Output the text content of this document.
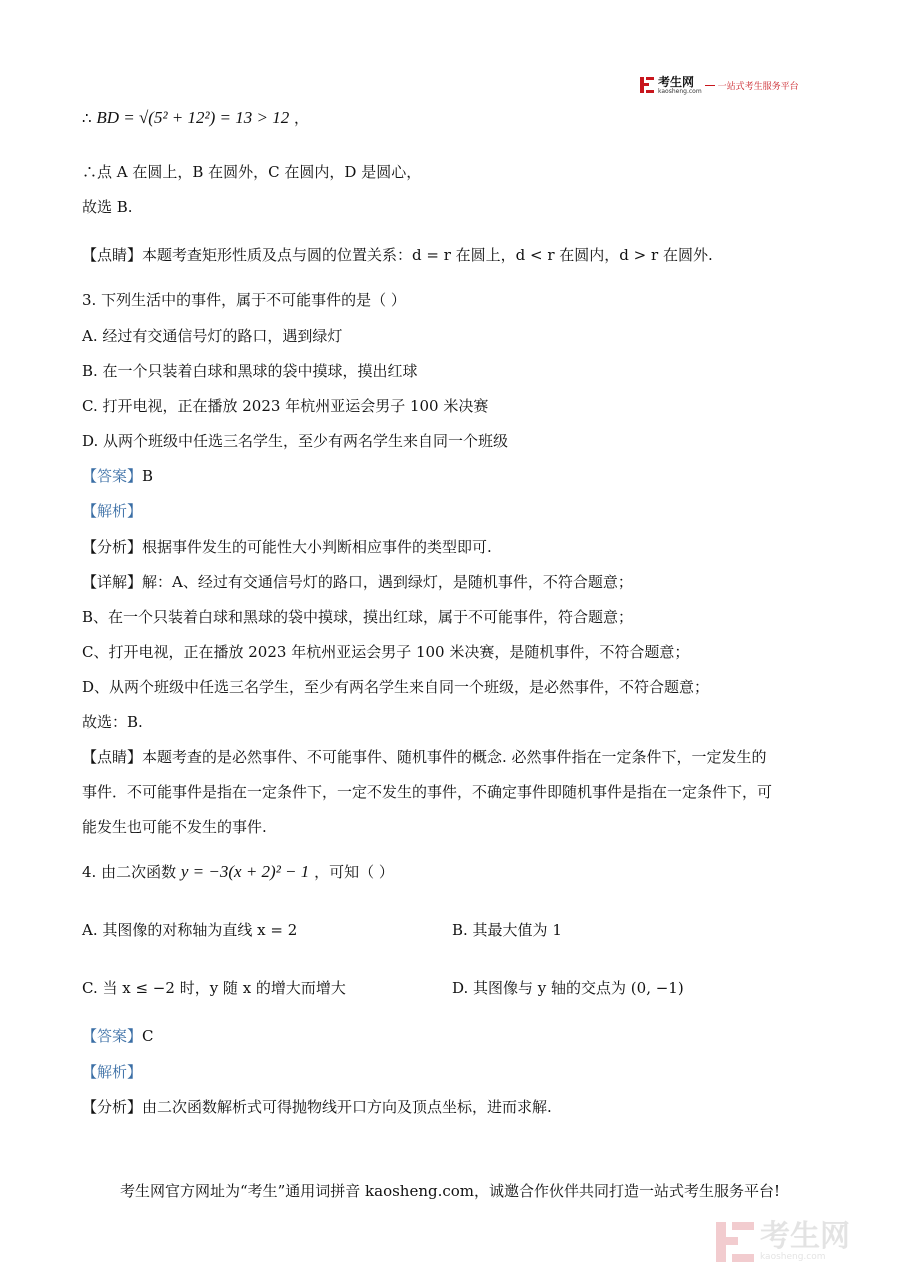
考生网
kaosheng.com 一站式考生服务平台
∴ BD = √(5² + 12²) = 13 > 12 ，
∴点 A 在圆上，B 在圆外，C 在圆内，D 是圆心，
故选 B.
【点睛】本题考查矩形性质及点与圆的位置关系：d = r 在圆上，d < r 在圆内，d > r 在圆外.
3. 下列生活中的事件，属于不可能事件的是（ ）
A. 经过有交通信号灯的路口，遇到绿灯
B. 在一个只装着白球和黑球的袋中摸球，摸出红球
C. 打开电视，正在播放 2023 年杭州亚运会男子 100 米决赛
D. 从两个班级中任选三名学生，至少有两名学生来自同一个班级
【答案】B
【解析】
【分析】根据事件发生的可能性大小判断相应事件的类型即可.
【详解】解：A、经过有交通信号灯的路口，遇到绿灯，是随机事件，不符合题意；
B、在一个只装着白球和黑球的袋中摸球，摸出红球，属于不可能事件，符合题意；
C、打开电视，正在播放 2023 年杭州亚运会男子 100 米决赛，是随机事件，不符合题意；
D、从两个班级中任选三名学生，至少有两名学生来自同一个班级，是必然事件，不符合题意；
故选：B.
【点睛】本题考查的是必然事件、不可能事件、随机事件的概念. 必然事件指在一定条件下，一定发生的
事件．不可能事件是指在一定条件下，一定不发生的事件，不确定事件即随机事件是指在一定条件下，可
能发生也可能不发生的事件.
4. 由二次函数 y = −3(x + 2)² − 1 ，可知（ ）
A. 其图像的对称轴为直线 x = 2	B. 其最大值为 1
C. 当 x ≤ −2 时，y 随 x 的增大而增大	D. 其图像与 y 轴的交点为 (0, −1)
【答案】C
【解析】
【分析】由二次函数解析式可得抛物线开口方向及顶点坐标，进而求解.
考生网官方网址为“考生”通用词拼音 kaosheng.com，诚邀合作伙伴共同打造一站式考生服务平台!
考生网
kaosheng.com
